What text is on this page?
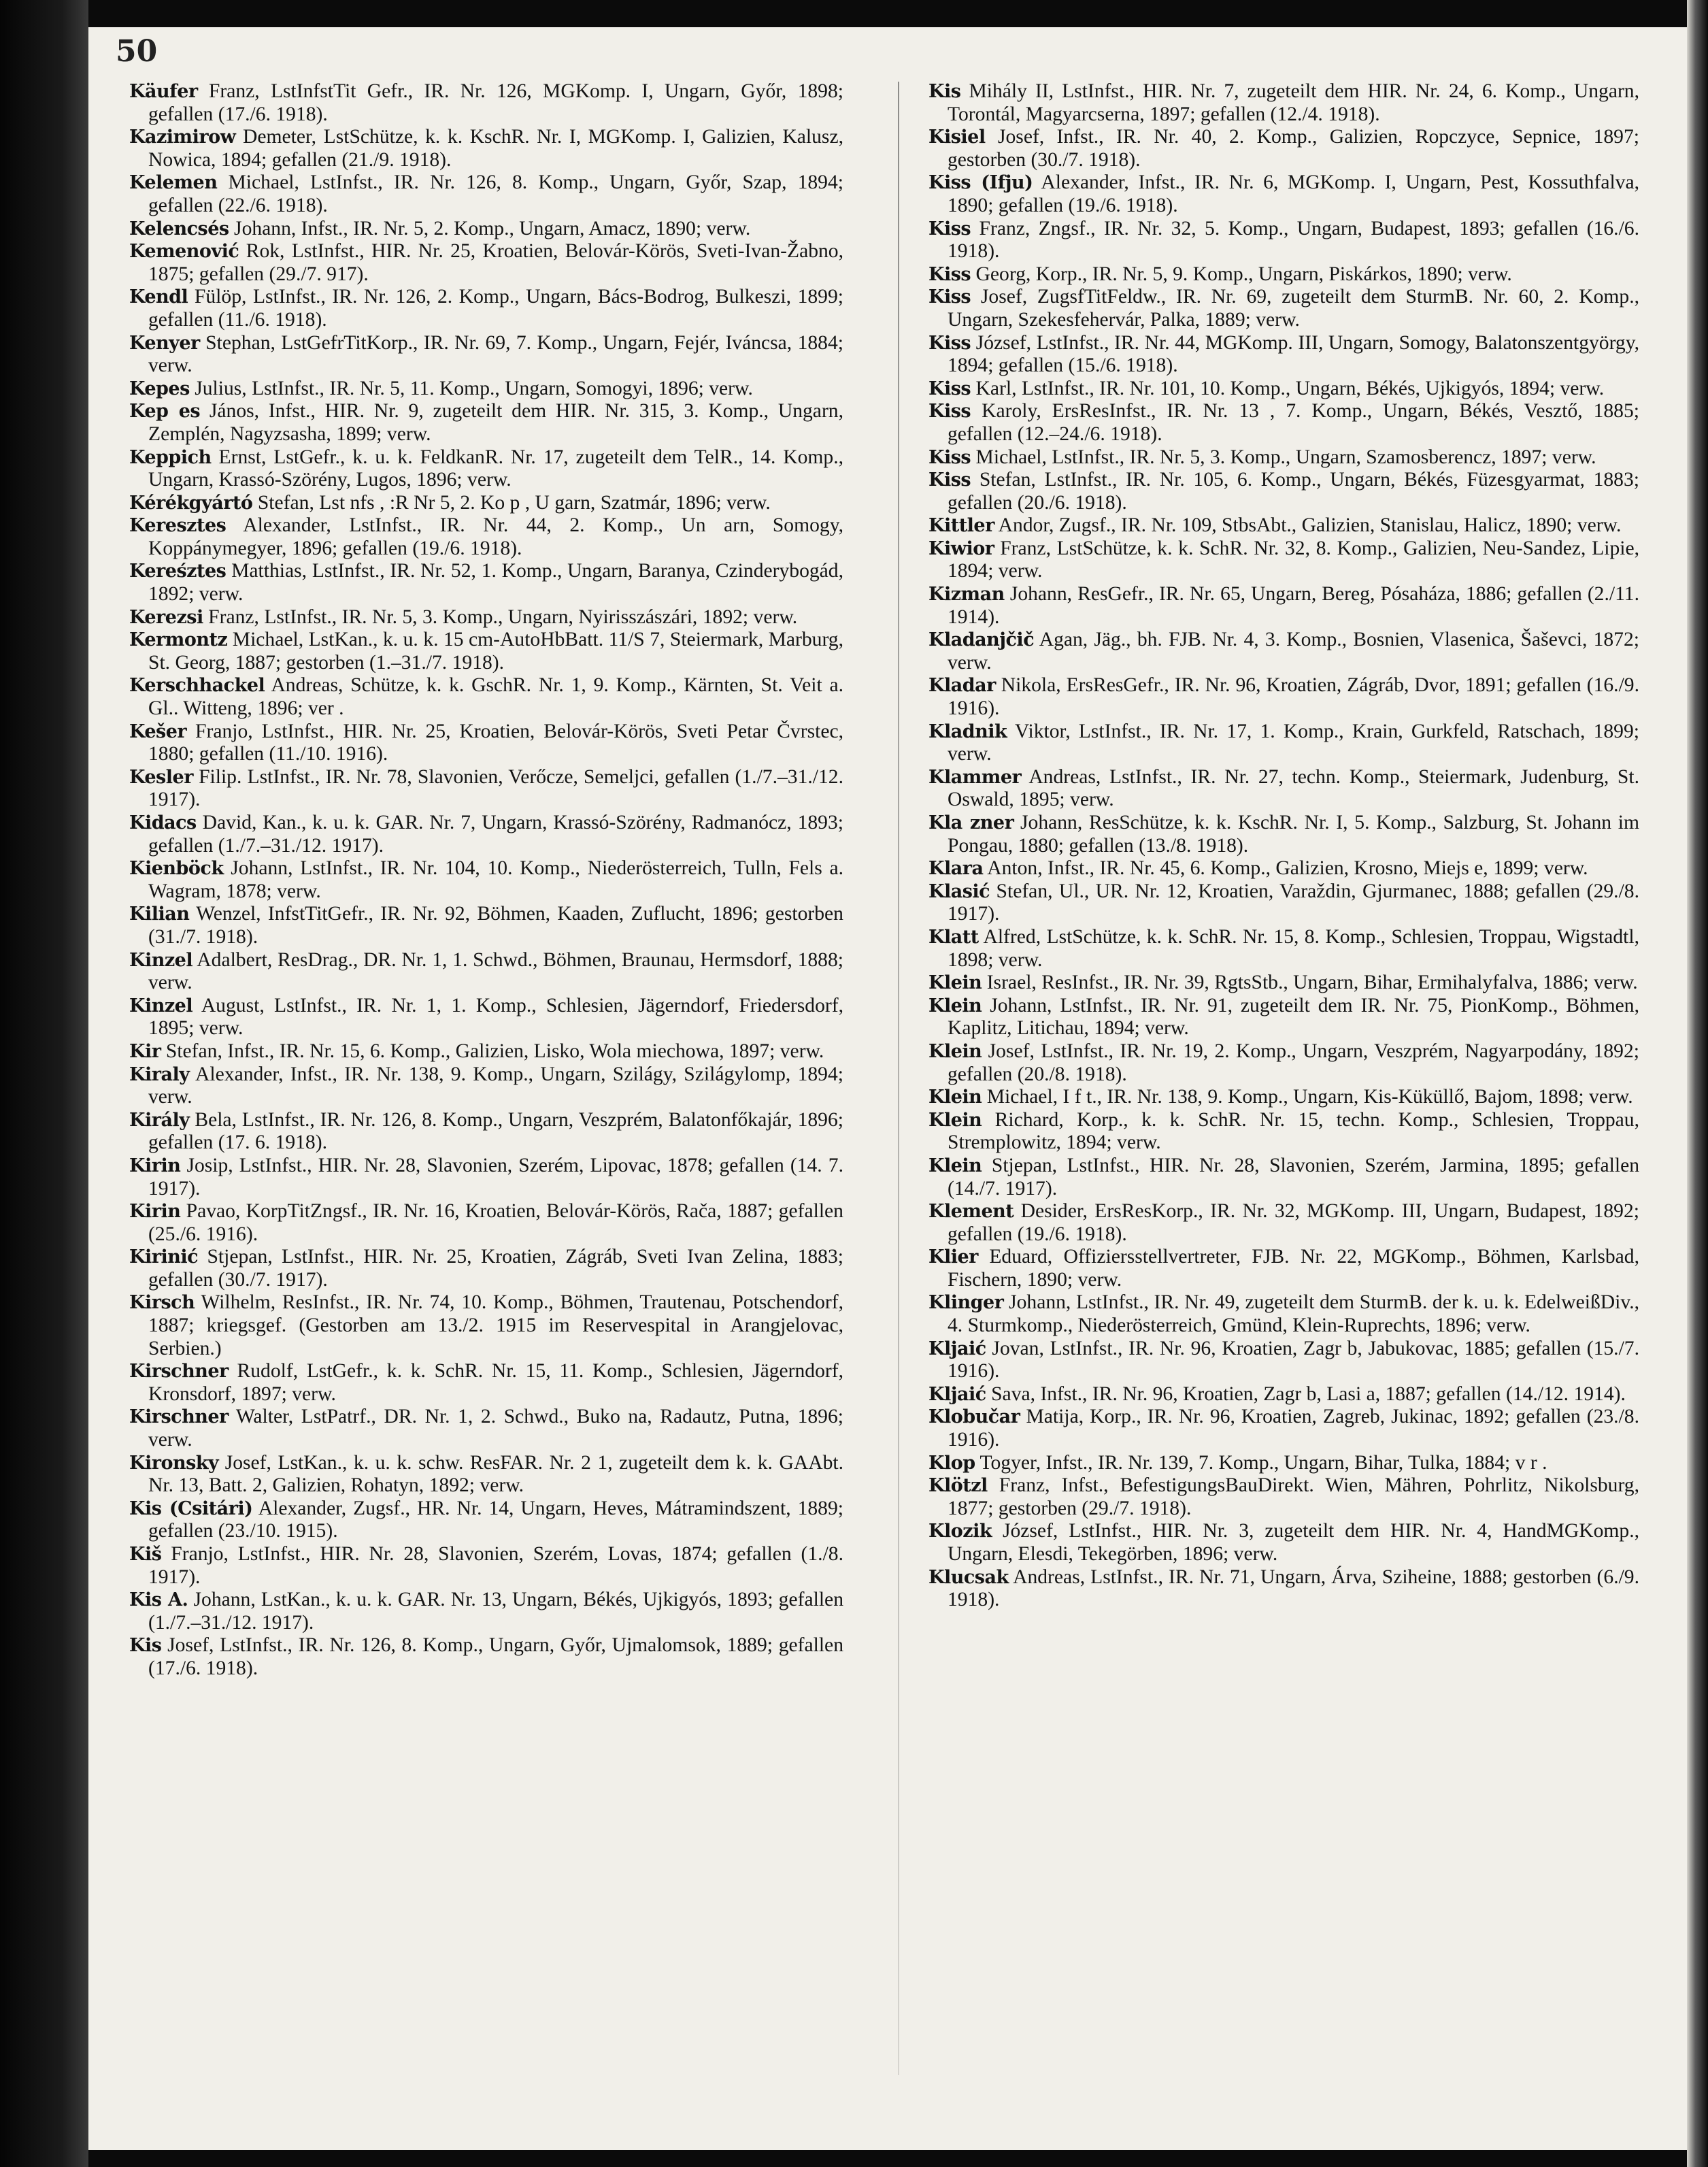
50

Käufer Franz, LstInfstTit Gefr., IR. Nr. 126, MGKomp. I, Ungarn, Győr, 1898; gefallen (17./6. 1918).

Kazimirow Demeter, LstSchütze, k. k. KschR. Nr. I, MGKomp. I, Galizien, Kalusz, Nowica, 1894; gefallen (21./9. 1918).

Kelemen Michael, LstInfst., IR. Nr. 126, 8. Komp., Ungarn, Győr, Szap, 1894; gefallen (22./6. 1918).

Kelencsés Johann, Infst., IR. Nr. 5, 2. Komp., Ungarn, Amacz, 1890; verw.

Kemenović Rok, LstInfst., HIR. Nr. 25, Kroatien, Belovár-Körös, Sveti-Ivan-Žabno, 1875; gefallen (29./7. 917).

Kendl Fülöp, LstInfst., IR. Nr. 126, 2. Komp., Ungarn, Bács-Bodrog, Bulkeszi, 1899; gefallen (11./6. 1918).

Kenyer Stephan, LstGefrTitKorp., IR. Nr. 69, 7. Komp., Ungarn, Fejér, Iváncsa, 1884; verw.

Kepes Julius, LstInfst., IR. Nr. 5, 11. Komp., Ungarn, Somogyi, 1896; verw.

Kep es János, Infst., HIR. Nr. 9, zugeteilt dem HIR. Nr. 315, 3. Komp., Ungarn, Zemplén, Nagyzsasha, 1899; verw.

Keppich Ernst, LstGefr., k. u. k. FeldkanR. Nr. 17, zugeteilt dem TelR., 14. Komp., Ungarn, Krassó-Szörény, Lugos, 1896; verw.

Kérékgyártó Stefan, Lst nfs , :R Nr 5, 2. Ko p , U garn, Szatmár, 1896; verw.

Keresztes Alexander, LstInfst., IR. Nr. 44, 2. Komp., Un arn, Somogy, Koppánymegyer, 1896; gefallen (19./6. 1918).

Kereśztes Matthias, LstInfst., IR. Nr. 52, 1. Komp., Ungarn, Baranya, Czinderybogád, 1892; verw.

Kerezsi Franz, LstInfst., IR. Nr. 5, 3. Komp., Ungarn, Nyirisszászári, 1892; verw.

Kermontz Michael, LstKan., k. u. k. 15 cm-AutoHbBatt. 11/S 7, Steiermark, Marburg, St. Georg, 1887; gestorben (1.–31./7. 1918).

Kerschhackel Andreas, Schütze, k. k. GschR. Nr. 1, 9. Komp., Kärnten, St. Veit a. Gl.. Witteng, 1896; ver .

Kešer Franjo, LstInfst., HIR. Nr. 25, Kroatien, Belovár-Körös, Sveti Petar Čvrstec, 1880; gefallen (11./10. 1916).

Kesler Filip. LstInfst., IR. Nr. 78, Slavonien, Verőcze, Semeljci, gefallen (1./7.–31./12. 1917).

Kidacs David, Kan., k. u. k. GAR. Nr. 7, Ungarn, Krassó-Szörény, Radmanócz, 1893; gefallen (1./7.–31./12. 1917).

Kienböck Johann, LstInfst., IR. Nr. 104, 10. Komp., Niederösterreich, Tulln, Fels a. Wagram, 1878; verw.

Kilian Wenzel, InfstTitGefr., IR. Nr. 92, Böhmen, Kaaden, Zuflucht, 1896; gestorben (31./7. 1918).

Kinzel Adalbert, ResDrag., DR. Nr. 1, 1. Schwd., Böhmen, Braunau, Hermsdorf, 1888; verw.

Kinzel August, LstInfst., IR. Nr. 1, 1. Komp., Schlesien, Jägerndorf, Friedersdorf, 1895; verw.

Kir Stefan, Infst., IR. Nr. 15, 6. Komp., Galizien, Lisko, Wola miechowa, 1897; verw.

Kiraly Alexander, Infst., IR. Nr. 138, 9. Komp., Ungarn, Szilágy, Szilágylomp, 1894; verw.

Király Bela, LstInfst., IR. Nr. 126, 8. Komp., Ungarn, Veszprém, Balatonfőkajár, 1896; gefallen (17. 6. 1918).

Kirin Josip, LstInfst., HIR. Nr. 28, Slavonien, Szerém, Lipovac, 1878; gefallen (14. 7. 1917).

Kirin Pavao, KorpTitZngsf., IR. Nr. 16, Kroatien, Belovár-Körös, Rača, 1887; gefallen (25./6. 1916).

Kirinić Stjepan, LstInfst., HIR. Nr. 25, Kroatien, Zágráb, Sveti Ivan Zelina, 1883; gefallen (30./7. 1917).

Kirsch Wilhelm, ResInfst., IR. Nr. 74, 10. Komp., Böhmen, Trautenau, Potschendorf, 1887; kriegsgef. (Gestorben am 13./2. 1915 im Reservespital in Arangjelovac, Serbien.)

Kirschner Rudolf, LstGefr., k. k. SchR. Nr. 15, 11. Komp., Schlesien, Jägerndorf, Kronsdorf, 1897; verw.

Kirschner Walter, LstPatrf., DR. Nr. 1, 2. Schwd., Buko na, Radautz, Putna, 1896; verw.

Kironsky Josef, LstKan., k. u. k. schw. ResFAR. Nr. 2 1, zugeteilt dem k. k. GAAbt. Nr. 13, Batt. 2, Galizien, Rohatyn, 1892; verw.

Kis (Csitári) Alexander, Zugsf., HR. Nr. 14, Ungarn, Heves, Mátramindszent, 1889; gefallen (23./10. 1915).

Kiš Franjo, LstInfst., HIR. Nr. 28, Slavonien, Szerém, Lovas, 1874; gefallen (1./8. 1917).

Kis A. Johann, LstKan., k. u. k. GAR. Nr. 13, Ungarn, Békés, Ujkigyós, 1893; gefallen (1./7.–31./12. 1917).

Kis Josef, LstInfst., IR. Nr. 126, 8. Komp., Ungarn, Győr, Ujmalomsok, 1889; gefallen (17./6. 1918).

Kis Mihály II, LstInfst., HIR. Nr. 7, zugeteilt dem HIR. Nr. 24, 6. Komp., Ungarn, Torontál, Magyarcserna, 1897; gefallen (12./4. 1918).

Kisiel Josef, Infst., IR. Nr. 40, 2. Komp., Galizien, Ropczyce, Sepnice, 1897; gestorben (30./7. 1918).

Kiss (Ifju) Alexander, Infst., IR. Nr. 6, MGKomp. I, Ungarn, Pest, Kossuthfalva, 1890; gefallen (19./6. 1918).

Kiss Franz, Zngsf., IR. Nr. 32, 5. Komp., Ungarn, Budapest, 1893; gefallen (16./6. 1918).

Kiss Georg, Korp., IR. Nr. 5, 9. Komp., Ungarn, Piskárkos, 1890; verw.

Kiss Josef, ZugsfTitFeldw., IR. Nr. 69, zugeteilt dem SturmB. Nr. 60, 2. Komp., Ungarn, Szekesfehervár, Palka, 1889; verw.

Kiss József, LstInfst., IR. Nr. 44, MGKomp. III, Ungarn, Somogy, Balatonszentgyörgy, 1894; gefallen (15./6. 1918).

Kiss Karl, LstInfst., IR. Nr. 101, 10. Komp., Ungarn, Békés, Ujkigyós, 1894; verw.

Kiss Karoly, ErsResInfst., IR. Nr. 13 , 7. Komp., Ungarn, Békés, Vesztő, 1885; gefallen (12.–24./6. 1918).

Kiss Michael, LstInfst., IR. Nr. 5, 3. Komp., Ungarn, Szamosberencz, 1897; verw.

Kiss Stefan, LstInfst., IR. Nr. 105, 6. Komp., Ungarn, Békés, Füzesgyarmat, 1883; gefallen (20./6. 1918).

Kittler Andor, Zugsf., IR. Nr. 109, StbsAbt., Galizien, Stanislau, Halicz, 1890; verw.

Kiwior Franz, LstSchütze, k. k. SchR. Nr. 32, 8. Komp., Galizien, Neu-Sandez, Lipie, 1894; verw.

Kizman Johann, ResGefr., IR. Nr. 65, Ungarn, Bereg, Pósaháza, 1886; gefallen (2./11. 1914).

Kladanjčič Agan, Jäg., bh. FJB. Nr. 4, 3. Komp., Bosnien, Vlasenica, Šaševci, 1872; verw.

Kladar Nikola, ErsResGefr., IR. Nr. 96, Kroatien, Zágráb, Dvor, 1891; gefallen (16./9. 1916).

Kladnik Viktor, LstInfst., IR. Nr. 17, 1. Komp., Krain, Gurkfeld, Ratschach, 1899; verw.

Klammer Andreas, LstInfst., IR. Nr. 27, techn. Komp., Steiermark, Judenburg, St. Oswald, 1895; verw.

Kla zner Johann, ResSchütze, k. k. KschR. Nr. I, 5. Komp., Salzburg, St. Johann im Pongau, 1880; gefallen (13./8. 1918).

Klara Anton, Infst., IR. Nr. 45, 6. Komp., Galizien, Krosno, Miejs e, 1899; verw.

Klasić Stefan, Ul., UR. Nr. 12, Kroatien, Varaždin, Gjurmanec, 1888; gefallen (29./8. 1917).

Klatt Alfred, LstSchütze, k. k. SchR. Nr. 15, 8. Komp., Schlesien, Troppau, Wigstadtl, 1898; verw.

Klein Israel, ResInfst., IR. Nr. 39, RgtsStb., Ungarn, Bihar, Ermihalyfalva, 1886; verw.

Klein Johann, LstInfst., IR. Nr. 91, zugeteilt dem IR. Nr. 75, PionKomp., Böhmen, Kaplitz, Litichau, 1894; verw.

Klein Josef, LstInfst., IR. Nr. 19, 2. Komp., Ungarn, Veszprém, Nagyarpodány, 1892; gefallen (20./8. 1918).

Klein Michael, I f t., IR. Nr. 138, 9. Komp., Ungarn, Kis-Küküllő, Bajom, 1898; verw.

Klein Richard, Korp., k. k. SchR. Nr. 15, techn. Komp., Schlesien, Troppau, Stremplowitz, 1894; verw.

Klein Stjepan, LstInfst., HIR. Nr. 28, Slavonien, Szerém, Jarmina, 1895; gefallen (14./7. 1917).

Klement Desider, ErsResKorp., IR. Nr. 32, MGKomp. III, Ungarn, Budapest, 1892; gefallen (19./6. 1918).

Klier Eduard, Offiziersstellvertreter, FJB. Nr. 22, MGKomp., Böhmen, Karlsbad, Fischern, 1890; verw.

Klinger Johann, LstInfst., IR. Nr. 49, zugeteilt dem SturmB. der k. u. k. EdelweißDiv., 4. Sturmkomp., Niederösterreich, Gmünd, Klein-Ruprechts, 1896; verw.

Kljaić Jovan, LstInfst., IR. Nr. 96, Kroatien, Zagr b, Jabukovac, 1885; gefallen (15./7. 1916).

Kljaić Sava, Infst., IR. Nr. 96, Kroatien, Zagr b, Lasi a, 1887; gefallen (14./12. 1914).

Klobučar Matija, Korp., IR. Nr. 96, Kroatien, Zagreb, Jukinac, 1892; gefallen (23./8. 1916).

Klop Togyer, Infst., IR. Nr. 139, 7. Komp., Ungarn, Bihar, Tulka, 1884; v r .

Klötzl Franz, Infst., BefestigungsBauDirekt. Wien, Mähren, Pohrlitz, Nikolsburg, 1877; gestorben (29./7. 1918).

Klozik József, LstInfst., HIR. Nr. 3, zugeteilt dem HIR. Nr. 4, HandMGKomp., Ungarn, Elesdi, Tekegörben, 1896; verw.

Klucsak Andreas, LstInfst., IR. Nr. 71, Ungarn, Árva, Sziheine, 1888; gestorben (6./9. 1918).
